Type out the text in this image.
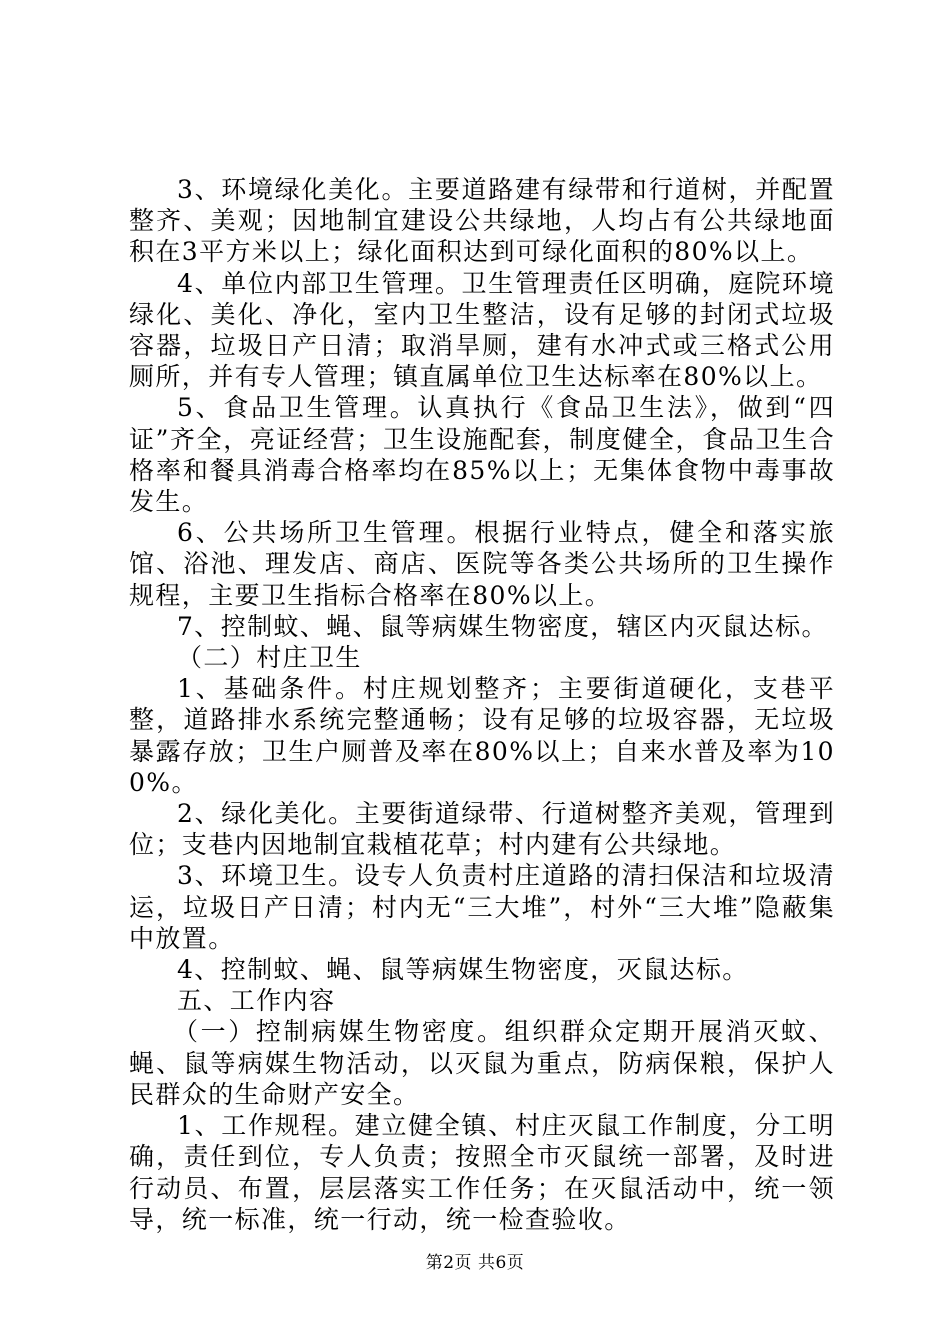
3、环境绿化美化。主要道路建有绿带和行道树，并配置整齐、美观；因地制宜建设公共绿地，人均占有公共绿地面积在3平方米以上；绿化面积达到可绿化面积的80%以上。

4、单位内部卫生管理。卫生管理责任区明确，庭院环境绿化、美化、净化，室内卫生整洁，设有足够的封闭式垃圾容器，垃圾日产日清；取消旱厕，建有水冲式或三格式公用厕所，并有专人管理；镇直属单位卫生达标率在80%以上。

5、食品卫生管理。认真执行《食品卫生法》，做到“四证”齐全，亮证经营；卫生设施配套，制度健全，食品卫生合格率和餐具消毒合格率均在85%以上；无集体食物中毒事故发生。

6、公共场所卫生管理。根据行业特点，健全和落实旅馆、浴池、理发店、商店、医院等各类公共场所的卫生操作规程，主要卫生指标合格率在80%以上。

7、控制蚊、蝇、鼠等病媒生物密度，辖区内灭鼠达标。

（二）村庄卫生

1、基础条件。村庄规划整齐；主要街道硬化，支巷平整，道路排水系统完整通畅；设有足够的垃圾容器，无垃圾暴露存放；卫生户厕普及率在80%以上；自来水普及率为100%。

2、绿化美化。主要街道绿带、行道树整齐美观，管理到位；支巷内因地制宜栽植花草；村内建有公共绿地。

3、环境卫生。设专人负责村庄道路的清扫保洁和垃圾清运，垃圾日产日清；村内无“三大堆”，村外“三大堆”隐蔽集中放置。

4、控制蚊、蝇、鼠等病媒生物密度，灭鼠达标。

五、工作内容

（一）控制病媒生物密度。组织群众定期开展消灭蚊、蝇、鼠等病媒生物活动，以灭鼠为重点，防病保粮，保护人民群众的生命财产安全。

1、工作规程。建立健全镇、村庄灭鼠工作制度，分工明确，责任到位，专人负责；按照全市灭鼠统一部署，及时进行动员、布置，层层落实工作任务；在灭鼠活动中，统一领导，统一标准，统一行动，统一检查验收。

第2页 共6页
